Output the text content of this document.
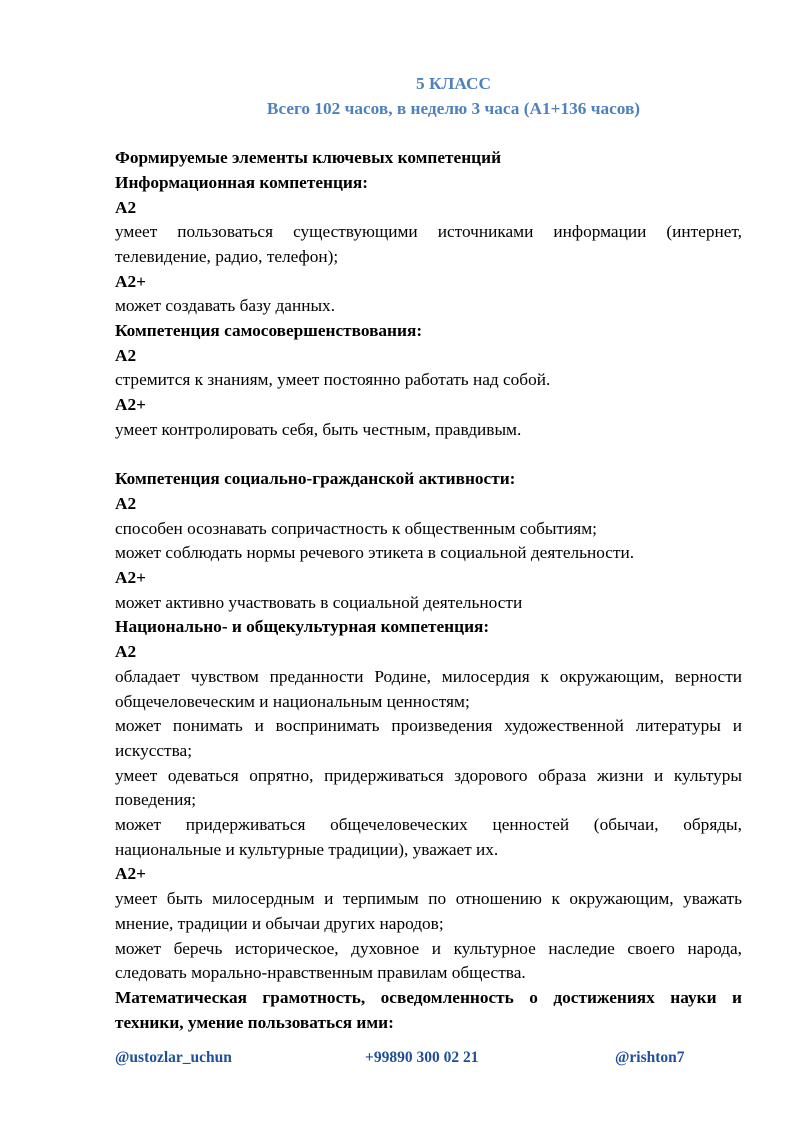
5 КЛАСС
Всего 102 часов, в неделю 3 часа (А1+136 часов)
Формируемые элементы ключевых компетенций
Информационная компетенция:
А2
умеет пользоваться существующими источниками информации (интернет, телевидение, радио, телефон);
А2+
может создавать базу данных.
Компетенция самосовершенствования:
А2
стремится к знаниям, умеет постоянно работать над собой.
А2+
умеет контролировать себя, быть честным, правдивым.
Компетенция социально-гражданской активности:
А2
способен осознавать сопричастность к общественным событиям;
может соблюдать нормы речевого этикета в социальной деятельности.
А2+
может активно участвовать в социальной деятельности
Национально- и общекультурная компетенция:
А2
обладает чувством преданности Родине, милосердия к окружающим, верности общечеловеческим и национальным ценностям;
может понимать и воспринимать произведения художественной литературы и искусства;
умеет одеваться опрятно, придерживаться здорового образа жизни и культуры поведения;
может придерживаться общечеловеческих ценностей (обычаи, обряды, национальные и культурные традиции), уважает их.
А2+
умеет быть милосердным и терпимым по отношению к окружающим, уважать мнение, традиции и обычаи других народов;
может беречь историческое, духовное и культурное наследие своего народа, следовать морально-нравственным правилам общества.
Математическая грамотность, осведомленность о достижениях науки и техники, умение пользоваться ими:
@ustozlar_uchun	+99890 300 02 21	@rishton7
